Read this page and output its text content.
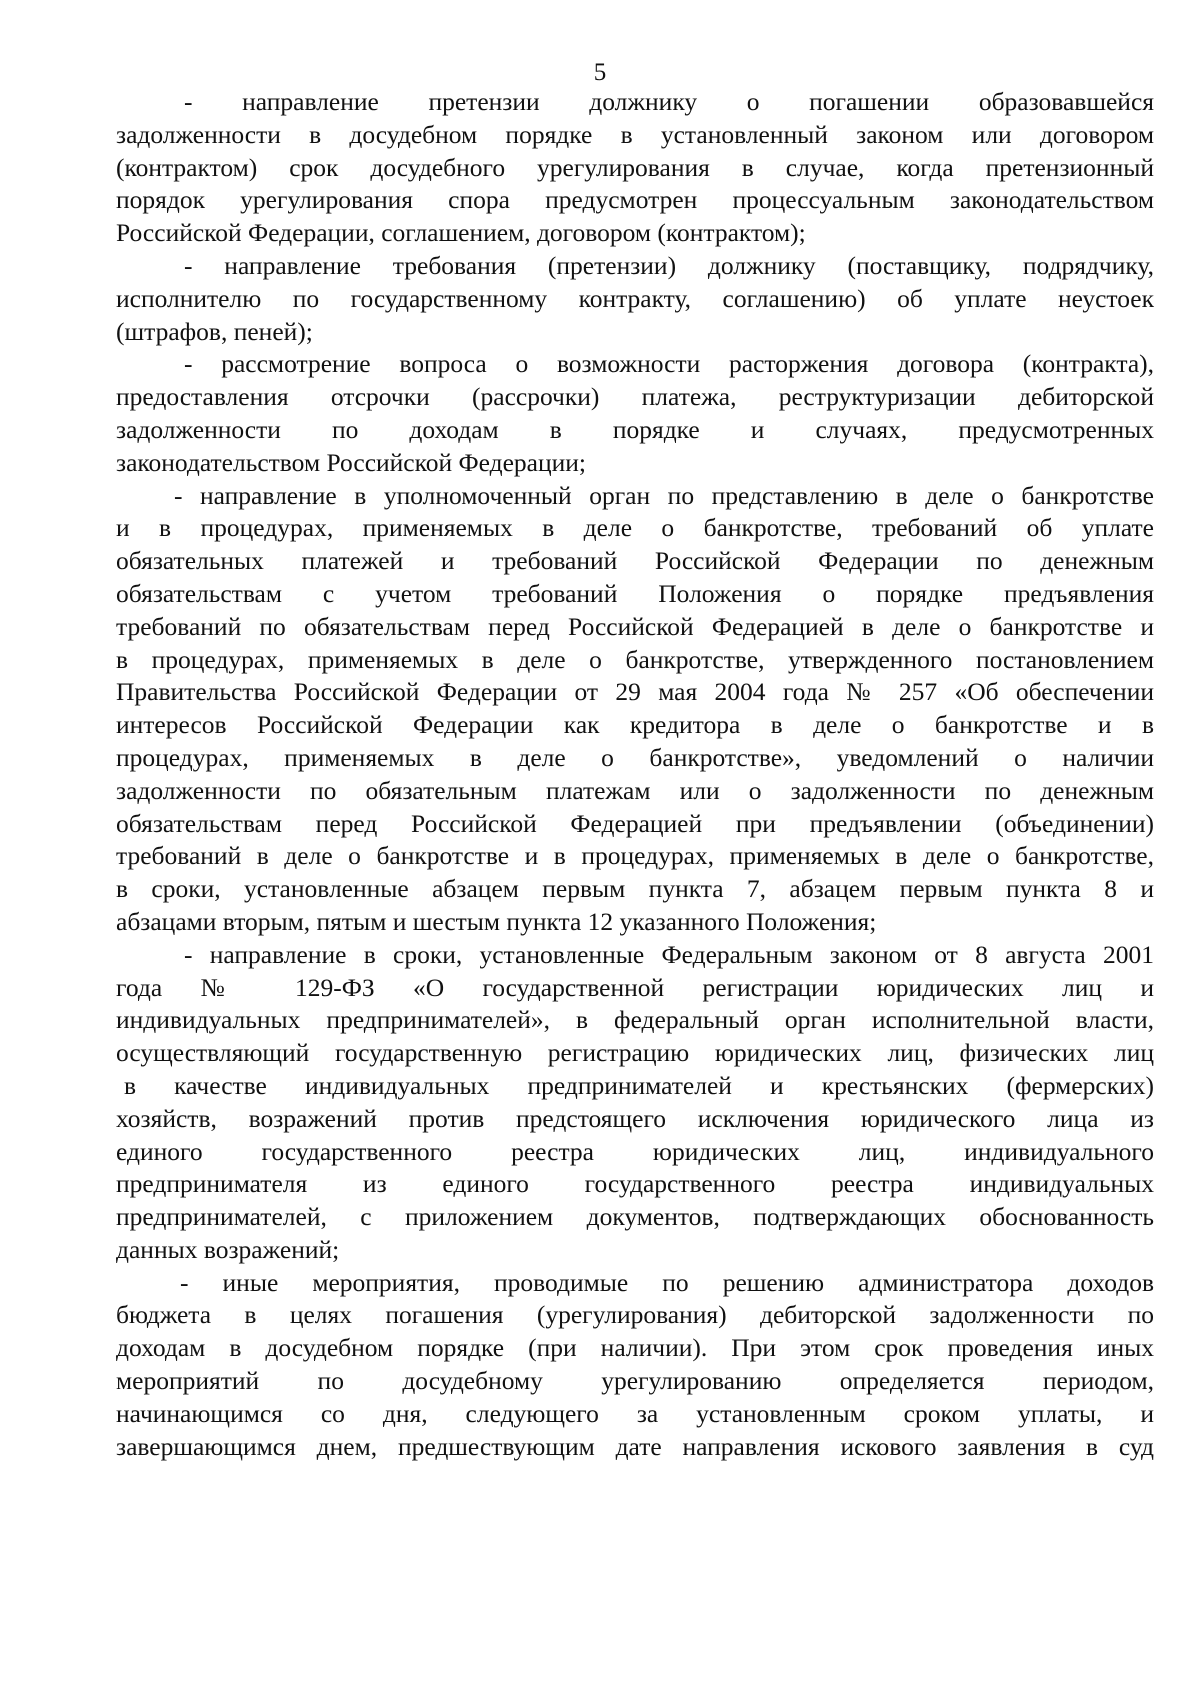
5
- направление претензии должнику о погашении образовавшейся
задолженности в досудебном порядке в установленный законом или договором
(контрактом) срок досудебного урегулирования в случае, когда претензионный
порядок урегулирования спора предусмотрен процессуальным законодательством
Российской Федерации, соглашением, договором (контрактом);
- направление требования (претензии) должнику (поставщику, подрядчику,
исполнителю по государственному контракту, соглашению) об уплате неустоек
(штрафов, пеней);
- рассмотрение вопроса о возможности расторжения договора (контракта),
предоставления отсрочки (рассрочки) платежа, реструктуризации дебиторской
задолженности по доходам в порядке и случаях, предусмотренных
законодательством Российской Федерации;
- направление в уполномоченный орган по представлению в деле о банкротстве
и в процедурах, применяемых в деле о банкротстве, требований об уплате
обязательных платежей и требований Российской Федерации по денежным
обязательствам с учетом требований Положения о порядке предъявления
требований по обязательствам перед Российской Федерацией в деле о банкротстве и
в процедурах, применяемых в деле о банкротстве, утвержденного постановлением
Правительства Российской Федерации от 29 мая 2004 года № 257 «Об обеспечении
интересов Российской Федерации как кредитора в деле о банкротстве и в
процедурах, применяемых в деле о банкротстве», уведомлений о наличии
задолженности по обязательным платежам или о задолженности по денежным
обязательствам перед Российской Федерацией при предъявлении (объединении)
требований в деле о банкротстве и в процедурах, применяемых в деле о банкротстве,
в сроки, установленные абзацем первым пункта 7, абзацем первым пункта 8 и
абзацами вторым, пятым и шестым пункта 12 указанного Положения;
- направление в сроки, установленные Федеральным законом от 8 августа 2001
года № 129-ФЗ «О государственной регистрации юридических лиц и
индивидуальных предпринимателей», в федеральный орган исполнительной власти,
осуществляющий государственную регистрацию юридических лиц, физических лиц
в качестве индивидуальных предпринимателей и крестьянских (фермерских)
хозяйств, возражений против предстоящего исключения юридического лица из
единого государственного реестра юридических лиц, индивидуального
предпринимателя из единого государственного реестра индивидуальных
предпринимателей, с приложением документов, подтверждающих обоснованность
данных возражений;
- иные мероприятия, проводимые по решению администратора доходов
бюджета в целях погашения (урегулирования) дебиторской задолженности по
доходам в досудебном порядке (при наличии). При этом срок проведения иных
мероприятий по досудебному урегулированию определяется периодом,
начинающимся со дня, следующего за установленным сроком уплаты, и
завершающимся днем, предшествующим дате направления искового заявления в суд
